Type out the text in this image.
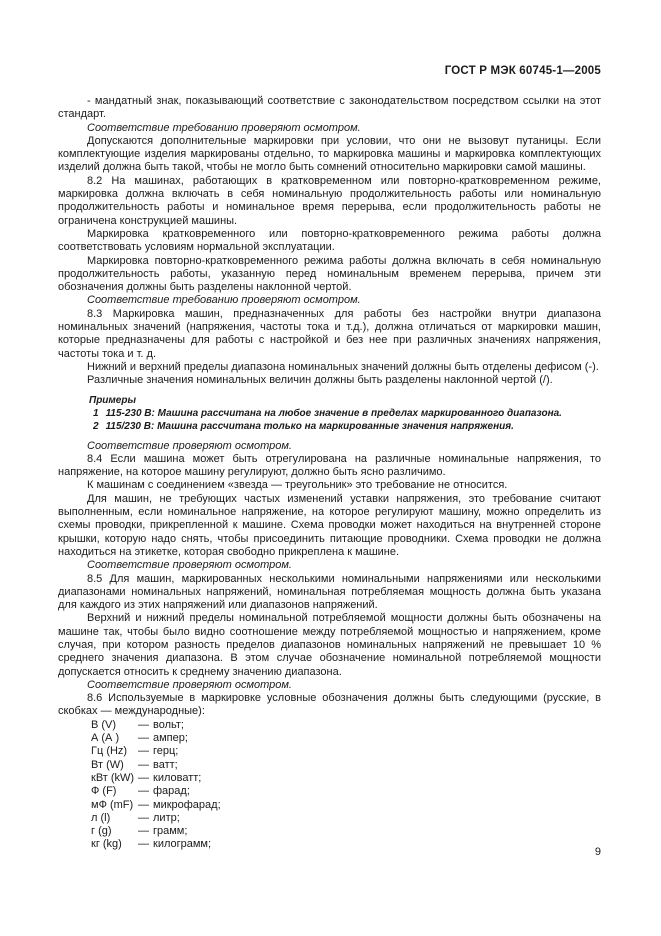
ГОСТ Р МЭК 60745-1—2005

- мандатный знак, показывающий соответствие с законодательством посредством ссылки на этот стандарт.

Соответствие требованию проверяют осмотром.

Допускаются дополнительные маркировки при условии, что они не вызовут путаницы. Если комплектующие изделия маркированы отдельно, то маркировка машины и маркировка комплектующих изделий должна быть такой, чтобы не могло быть сомнений относительно маркировки самой машины.

8.2 На машинах, работающих в кратковременном или повторно-кратковременном режиме, маркировка должна включать в себя номинальную продолжительность работы или номинальную продолжительность работы и номинальное время перерыва, если продолжительность работы не ограничена конструкцией машины.

Маркировка кратковременного или повторно-кратковременного режима работы должна соответствовать условиям нормальной эксплуатации.

Маркировка повторно-кратковременного режима работы должна включать в себя номинальную продолжительность работы, указанную перед номинальным временем перерыва, причем эти обозначения должны быть разделены наклонной чертой.

Соответствие требованию проверяют осмотром.

8.3 Маркировка машин, предназначенных для работы без настройки внутри диапазона номинальных значений (напряжения, частоты тока и т.д.), должна отличаться от маркировки машин, которые предназначены для работы с настройкой и без нее при различных значениях напряжения, частоты тока и т. д.

Нижний и верхний пределы диапазона номинальных значений должны быть отделены дефисом (-).

Различные значения номинальных величин должны быть разделены наклонной чертой (/).

Примеры

1 115-230 В: Машина рассчитана на любое значение в пределах маркированного диапазона.

2 115/230 В: Машина рассчитана только на маркированные значения напряжения.

Соответствие проверяют осмотром.

8.4 Если машина может быть отрегулирована на различные номинальные напряжения, то напряжение, на которое машину регулируют, должно быть ясно различимо.

К машинам с соединением «звезда — треугольник» это требование не относится.

Для машин, не требующих частых изменений уставки напряжения, это требование считают выполненным, если номинальное напряжение, на которое регулируют машину, можно определить из схемы проводки, прикрепленной к машине. Схема проводки может находиться на внутренней стороне крышки, которую надо снять, чтобы присоединить питающие проводники. Схема проводки не должна находиться на этикетке, которая свободно прикреплена к машине.

Соответствие проверяют осмотром.

8.5 Для машин, маркированных несколькими номинальными напряжениями или несколькими диапазонами номинальных напряжений, номинальная потребляемая мощность должна быть указана для каждого из этих напряжений или диапазонов напряжений.

Верхний и нижний пределы номинальной потребляемой мощности должны быть обозначены на машине так, чтобы было видно соотношение между потребляемой мощностью и напряжением, кроме случая, при котором разность пределов диапазонов номинальных напряжений не превышает 10 % среднего значения диапазона. В этом случае обозначение номинальной потребляемой мощности допускается относить к среднему значению диапазона.

Соответствие проверяют осмотром.

8.6 Используемые в маркировке условные обозначения должны быть следующими (русские, в скобках — международные):

В (V)	— вольт;
А (А )	— ампер;
Гц (Hz) — герц;
Вт (W)	— ватт;
кВт (kW) — киловатт;
Ф (F)	— фарад;
мФ (mF) — микрофарад;
л (l)	— литр;
г (g)	— грамм;
кг (kg)	— килограмм;
9
